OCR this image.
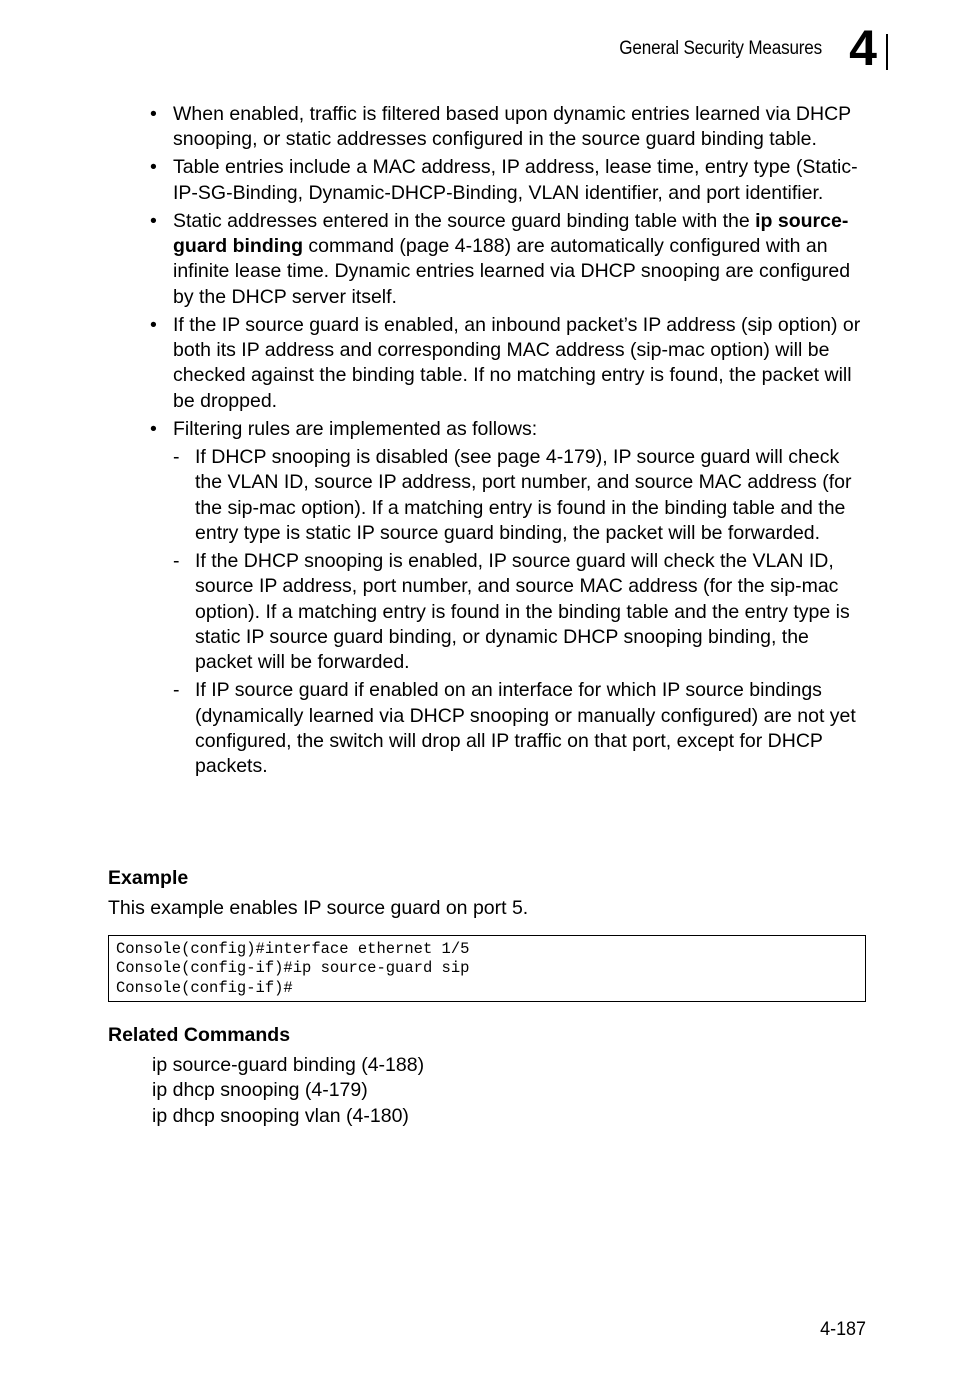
General Security Measures 4
• When enabled, traffic is filtered based upon dynamic entries learned via DHCP snooping, or static addresses configured in the source guard binding table.
• Table entries include a MAC address, IP address, lease time, entry type (Static-IP-SG-Binding, Dynamic-DHCP-Binding, VLAN identifier, and port identifier.
• Static addresses entered in the source guard binding table with the ip source-guard binding command (page 4-188) are automatically configured with an infinite lease time. Dynamic entries learned via DHCP snooping are configured by the DHCP server itself.
• If the IP source guard is enabled, an inbound packet’s IP address (sip option) or both its IP address and corresponding MAC address (sip-mac option) will be checked against the binding table. If no matching entry is found, the packet will be dropped.
• Filtering rules are implemented as follows:
- If DHCP snooping is disabled (see page 4-179), IP source guard will check the VLAN ID, source IP address, port number, and source MAC address (for the sip-mac option). If a matching entry is found in the binding table and the entry type is static IP source guard binding, the packet will be forwarded.
- If the DHCP snooping is enabled, IP source guard will check the VLAN ID, source IP address, port number, and source MAC address (for the sip-mac option). If a matching entry is found in the binding table and the entry type is static IP source guard binding, or dynamic DHCP snooping binding, the packet will be forwarded.
- If IP source guard if enabled on an interface for which IP source bindings (dynamically learned via DHCP snooping or manually configured) are not yet configured, the switch will drop all IP traffic on that port, except for DHCP packets.
Example
This example enables IP source guard on port 5.
Console(config)#interface ethernet 1/5
Console(config-if)#ip source-guard sip
Console(config-if)#
Related Commands
ip source-guard binding (4-188)
ip dhcp snooping (4-179)
ip dhcp snooping vlan (4-180)
4-187
